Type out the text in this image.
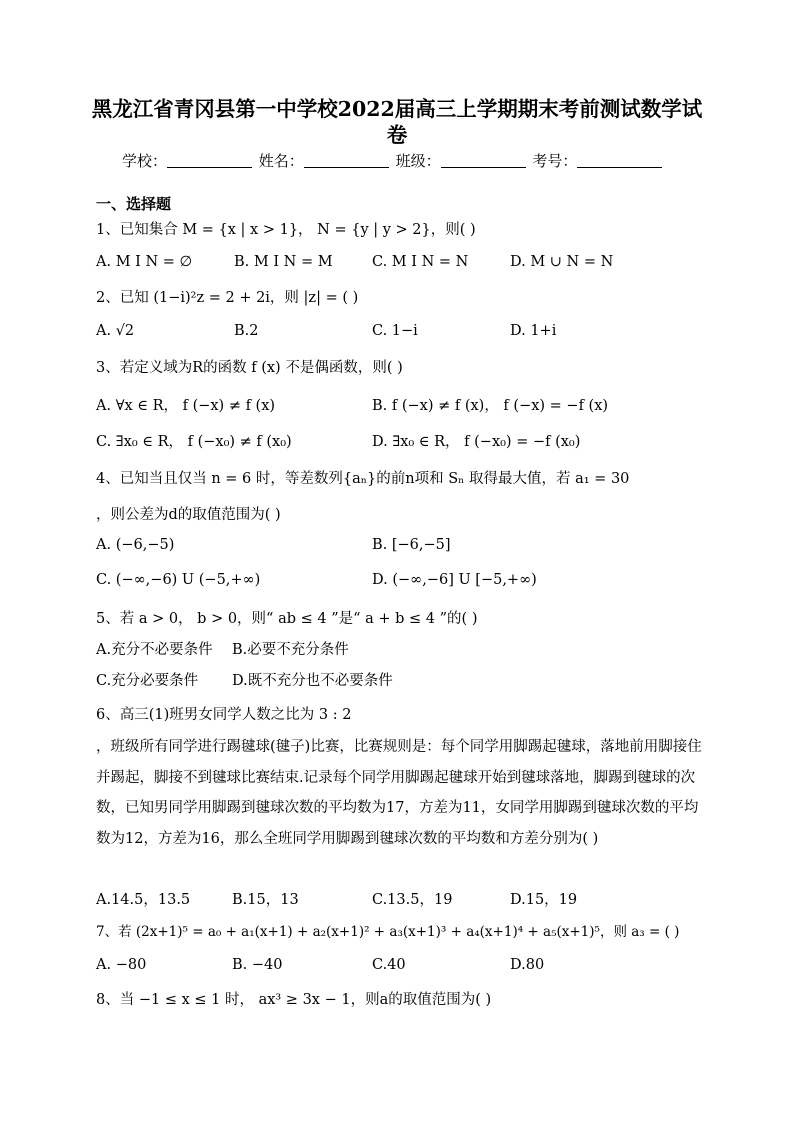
黑龙江省青冈县第一中学校2022届高三上学期期末考前测试数学试卷
学校：	姓名：	班级：	考号：
一、选择题
1、已知集合 M = {x | x > 1}， N = {y | y > 2}，则( )
A. M I N = ∅	B. M I N = M	C. M I N = N	D. M ∪ N = N
2、已知 (1−i)²z = 2 + 2i，则 |z| = ( )
A. √2	B.2	C. 1−i	D. 1+i
3、若定义域为R的函数 f (x) 不是偶函数，则( )
A. ∀x ∈ R， f (−x) ≠ f (x)	B. f (−x) ≠ f (x)， f (−x) = −f (x)
C. ∃x₀ ∈ R， f (−x₀) ≠ f (x₀)	D. ∃x₀ ∈ R， f (−x₀) = −f (x₀)
4、已知当且仅当 n = 6 时，等差数列{aₙ}的前n项和 Sₙ 取得最大值，若 a₁ = 30
，则公差为d的取值范围为( )
A. (−6,−5)	B. [−6,−5]
C. (−∞,−6) U (−5,+∞)	D. (−∞,−6] U [−5,+∞)
5、若 a > 0， b > 0，则“ ab ≤ 4 ”是“ a + b ≤ 4 ”的( )
A.充分不必要条件 B.必要不充分条件
C.充分必要条件 D.既不充分也不必要条件
6、高三(1)班男女同学人数之比为 3 : 2
，班级所有同学进行踢毽球(毽子)比赛，比赛规则是：每个同学用脚踢起毽球，落地前用脚接住并踢起，脚接不到毽球比赛结束.记录每个同学用脚踢起毽球开始到毽球落地，脚踢到毽球的次数，已知男同学用脚踢到毽球次数的平均数为17，方差为11，女同学用脚踢到毽球次数的平均数为12，方差为16，那么全班同学用脚踢到毽球次数的平均数和方差分别为( )
A.14.5，13.5	B.15，13	C.13.5，19	D.15，19
7、若 (2x+1)⁵ = a₀ + a₁(x+1) + a₂(x+1)² + a₃(x+1)³ + a₄(x+1)⁴ + a₅(x+1)⁵，则 a₃ = ( )
A. −80	B. −40	C.40	D.80
8、当 −1 ≤ x ≤ 1 时， ax³ ≥ 3x − 1，则a的取值范围为( )
